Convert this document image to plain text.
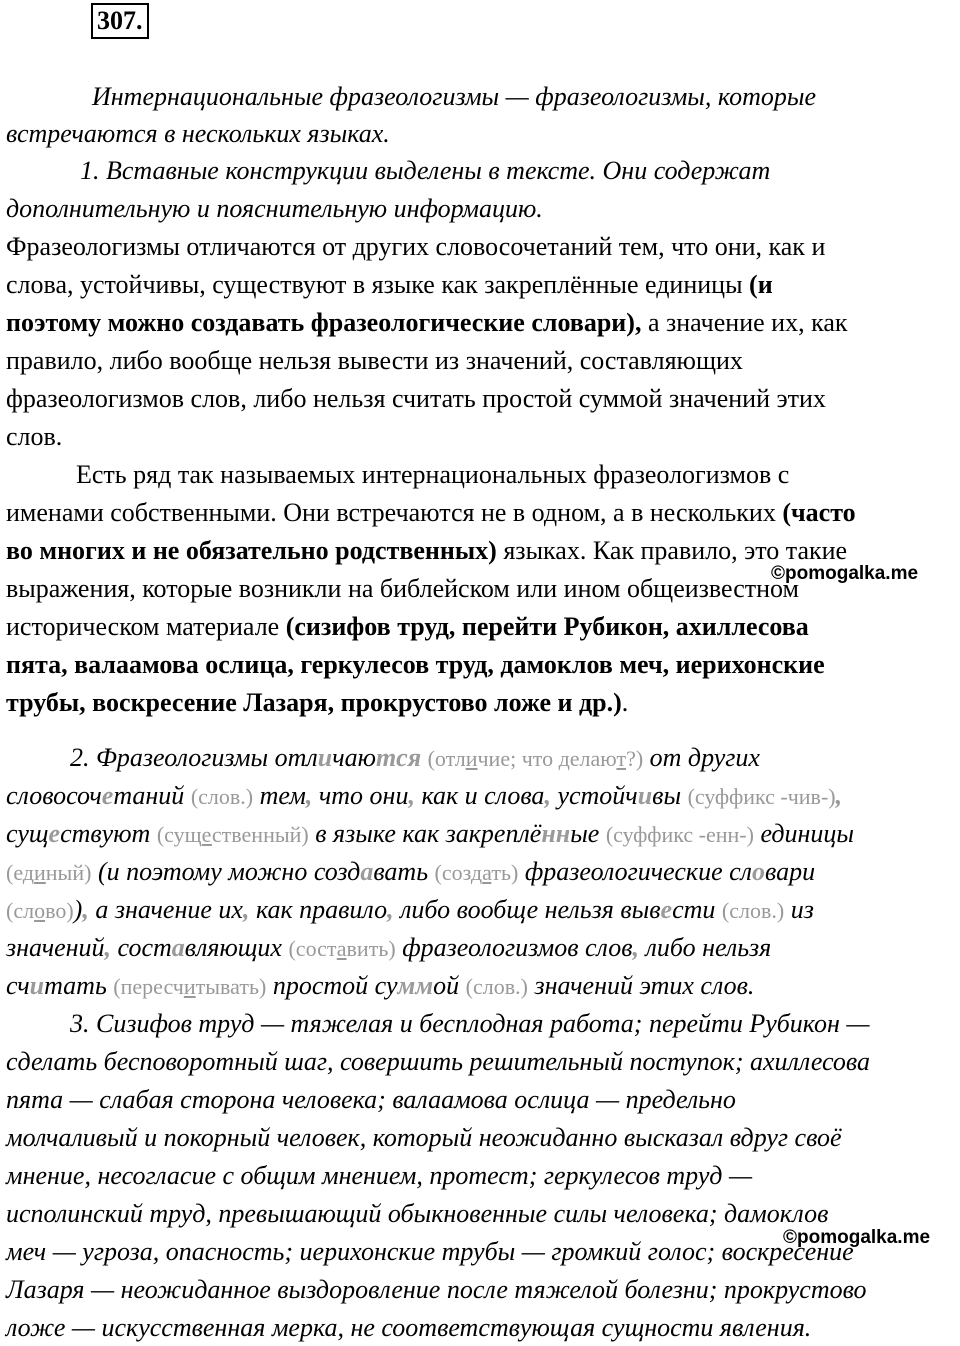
307.
Интернациональные фразеологизмы — фразеологизмы, которые
встречаются в нескольких языках.
1. Вставные конструкции выделены в тексте. Они содержат
дополнительную и пояснительную информацию.
Фразеологизмы отличаются от других словосочетаний тем, что они, как и
слова, устойчивы, существуют в языке как закреплённые единицы (и
поэтому можно создавать фразеологические словари), а значение их, как
правило, либо вообще нельзя вывести из значений, составляющих
фразеологизмов слов, либо нельзя считать простой суммой значений этих
слов.
Есть ряд так называемых интернациональных фразеологизмов с
именами собственными. Они встречаются не в одном, а в нескольких (часто
во многих и не обязательно родственных) языках. Как правило, это такие
выражения, которые возникли на библейском или ином общеизвестном
историческом материале (сизифов труд, перейти Рубикон, ахиллесова
пята, валаамова ослица, геркулесов труд, дамоклов меч, иерихонские
трубы, воскресение Лазаря, прокрустово ложе и др.).
2. Фразеологизмы отличаются (отличие; что делают?) от других
словосочетаний (слов.) тем, что они, как и слова, устойчивы (суффикс -чив-),
существуют (существенный) в языке как закреплённые (суффикс -енн-) единицы
(единый) (и поэтому можно создавать (создать) фразеологические словари
(слово)), а значение их, как правило, либо вообще нельзя вывести (слов.) из
значений, составляющих (составить) фразеологизмов слов, либо нельзя
считать (пересчитывать) простой суммой (слов.) значений этих слов.
3. Сизифов труд — тяжелая и бесплодная работа; перейти Рубикон —
сделать бесповоротный шаг, совершить решительный поступок; ахиллесова
пята — слабая сторона человека; валаамова ослица — предельно
молчаливый и покорный человек, который неожиданно высказал вдруг своё
мнение, несогласие с общим мнением, протест; геркулесов труд —
исполинский труд, превышающий обыкновенные силы человека; дамоклов
меч — угроза, опасность; иерихонские трубы — громкий голос; воскресение
Лазаря — неожиданное выздоровление после тяжелой болезни; прокрустово
ложе — искусственная мерка, не соответствующая сущности явления.
©pomogalka.me
©pomogalka.me
